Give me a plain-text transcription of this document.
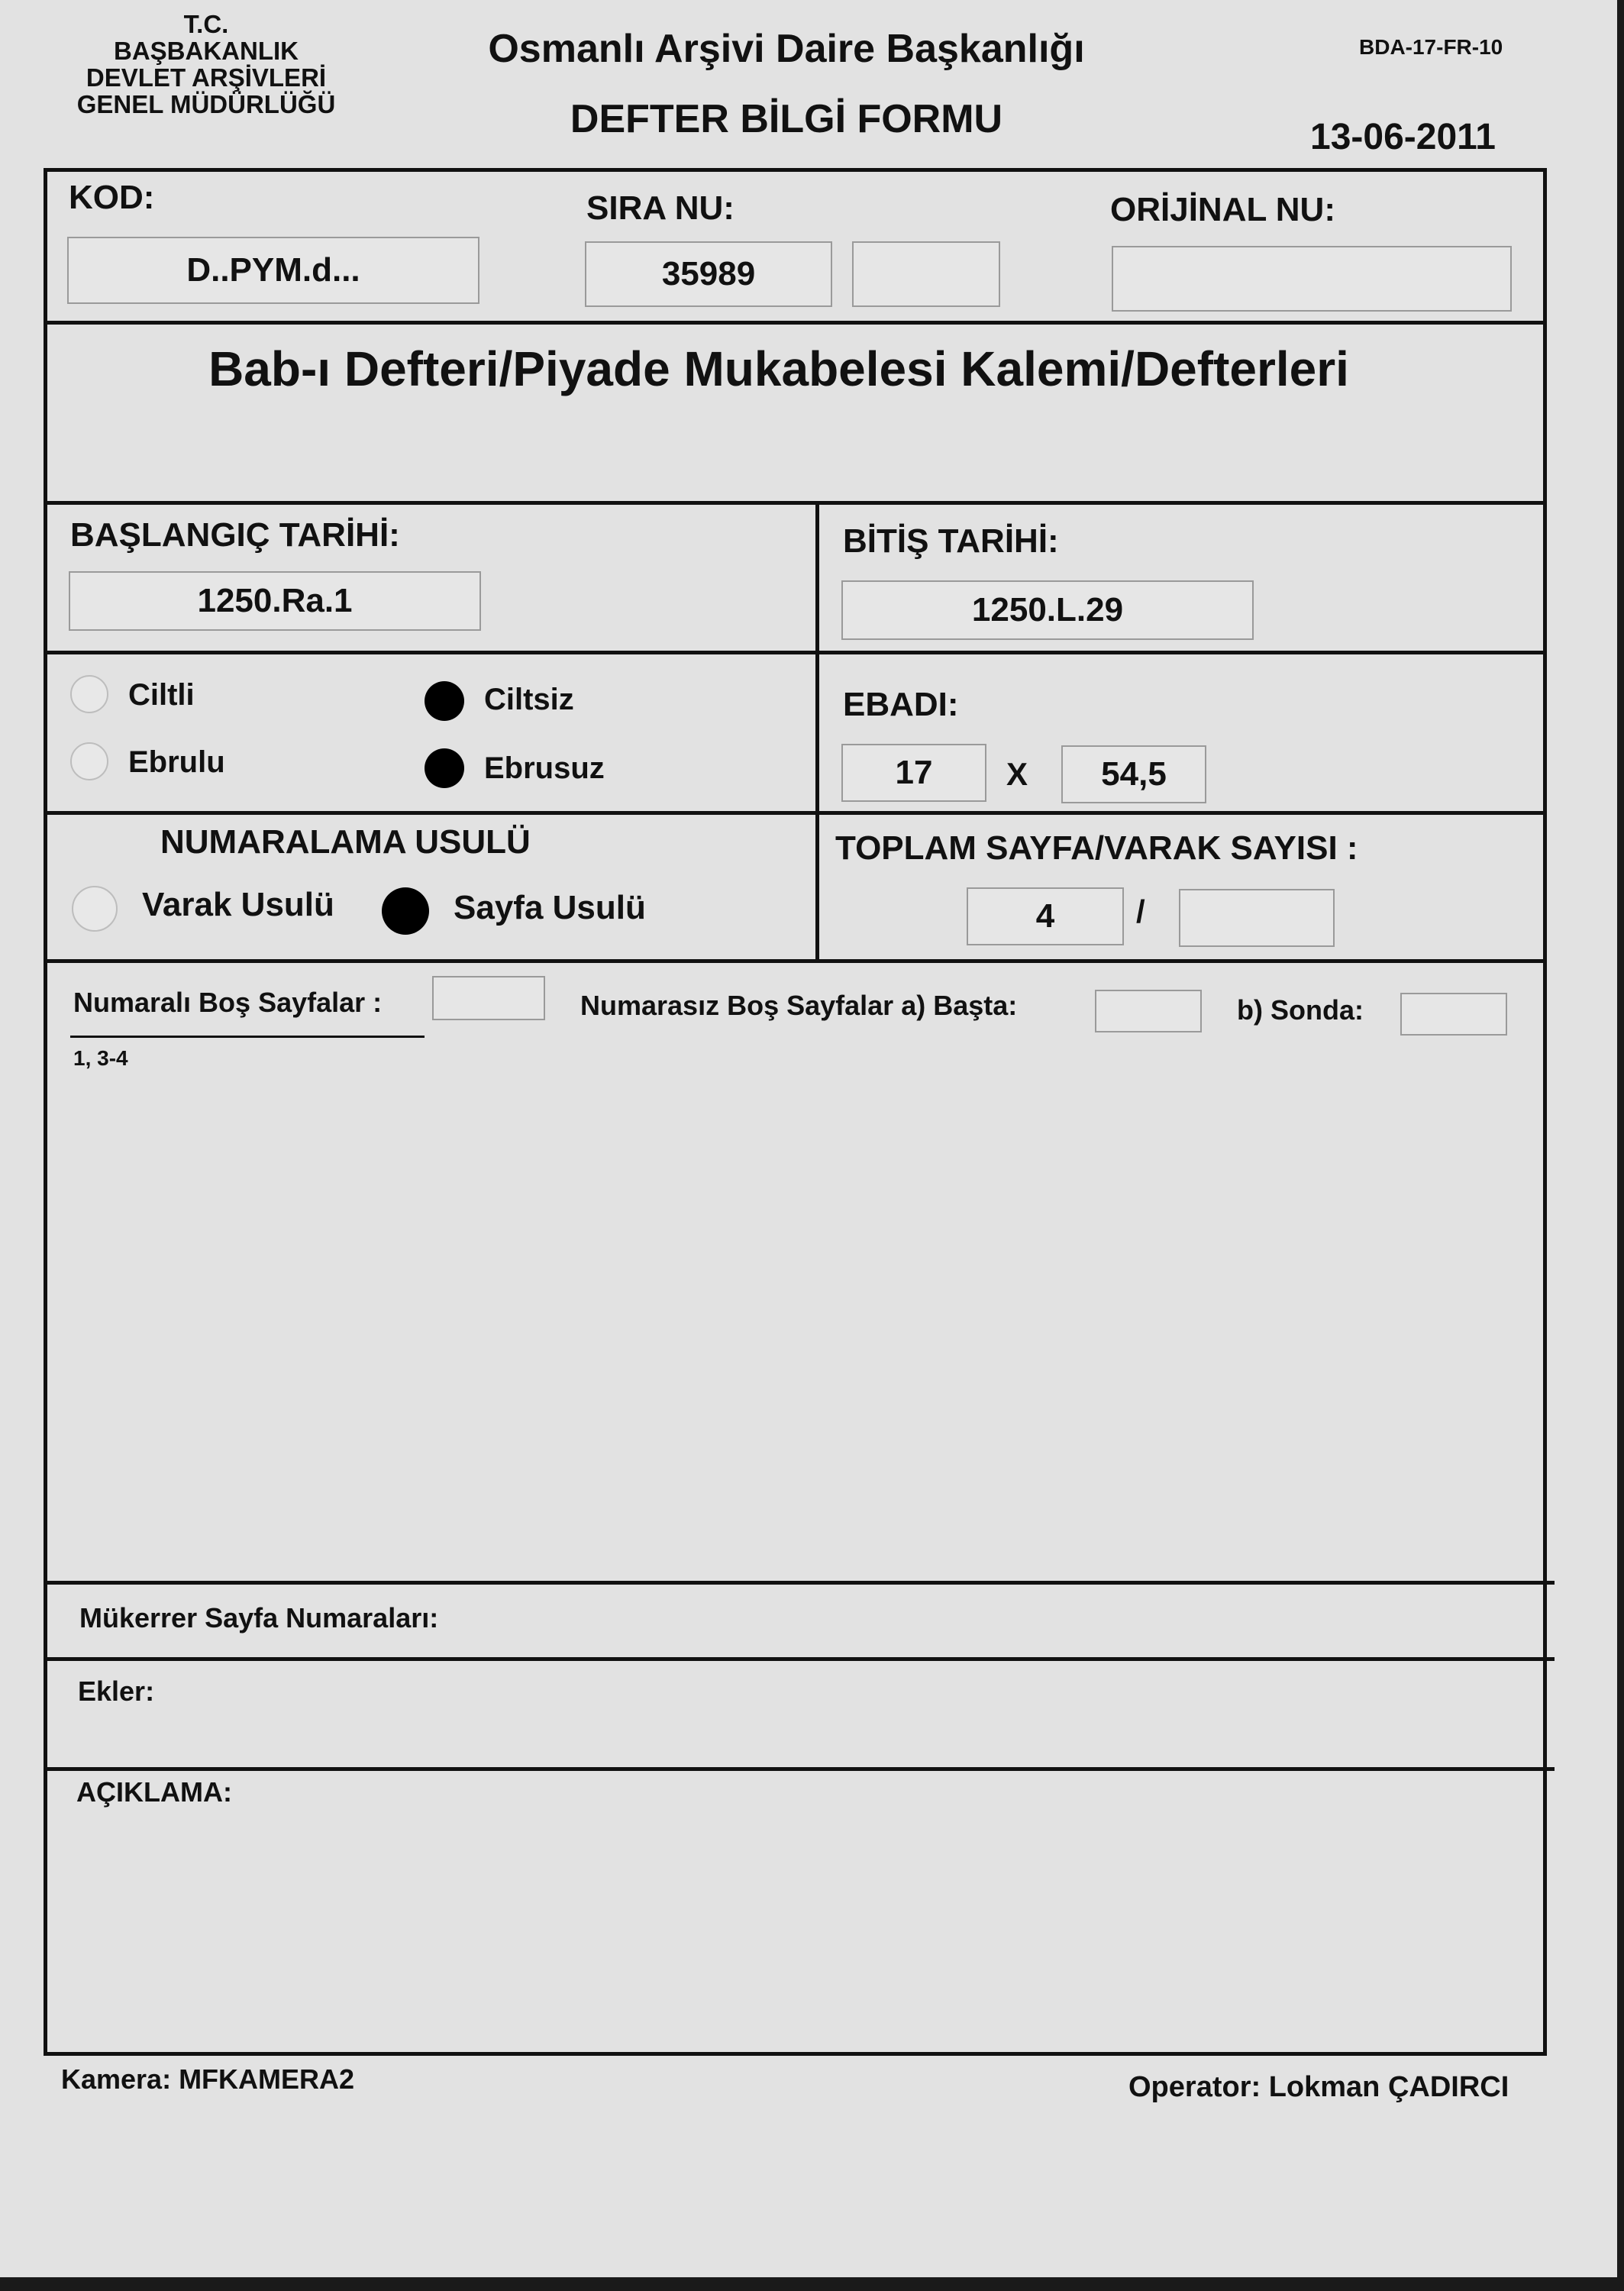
T.C.
BAŞBAKANLIK
DEVLET ARŞİVLERİ
GENEL MÜDÜRLÜĞÜ
Osmanlı Arşivi Daire Başkanlığı
DEFTER BİLGİ FORMU
BDA-17-FR-10
13-06-2011
KOD:
D..PYM.d...
SIRA NU:
35989
ORİJİNAL NU:
Bab-ı Defteri/Piyade Mukabelesi Kalemi/Defterleri
BAŞLANGIÇ TARİHİ:
1250.Ra.1
BİTİŞ TARİHİ:
1250.L.29
Ciltli	Ciltsiz
Ebrulu	Ebrusuz
EBADI:
17	X	54,5
NUMARALAMA USULÜ
Varak Usulü	Sayfa Usulü
TOPLAM SAYFA/VARAK SAYISI :
4	/
Numaralı Boş Sayfalar :
1, 3-4
Numarasız Boş Sayfalar a) Başta:	b) Sonda:
Mükerrer Sayfa Numaraları:
Ekler:
AÇIKLAMA:
Kamera: MFKAMERA2	Operator: Lokman ÇADIRCI
